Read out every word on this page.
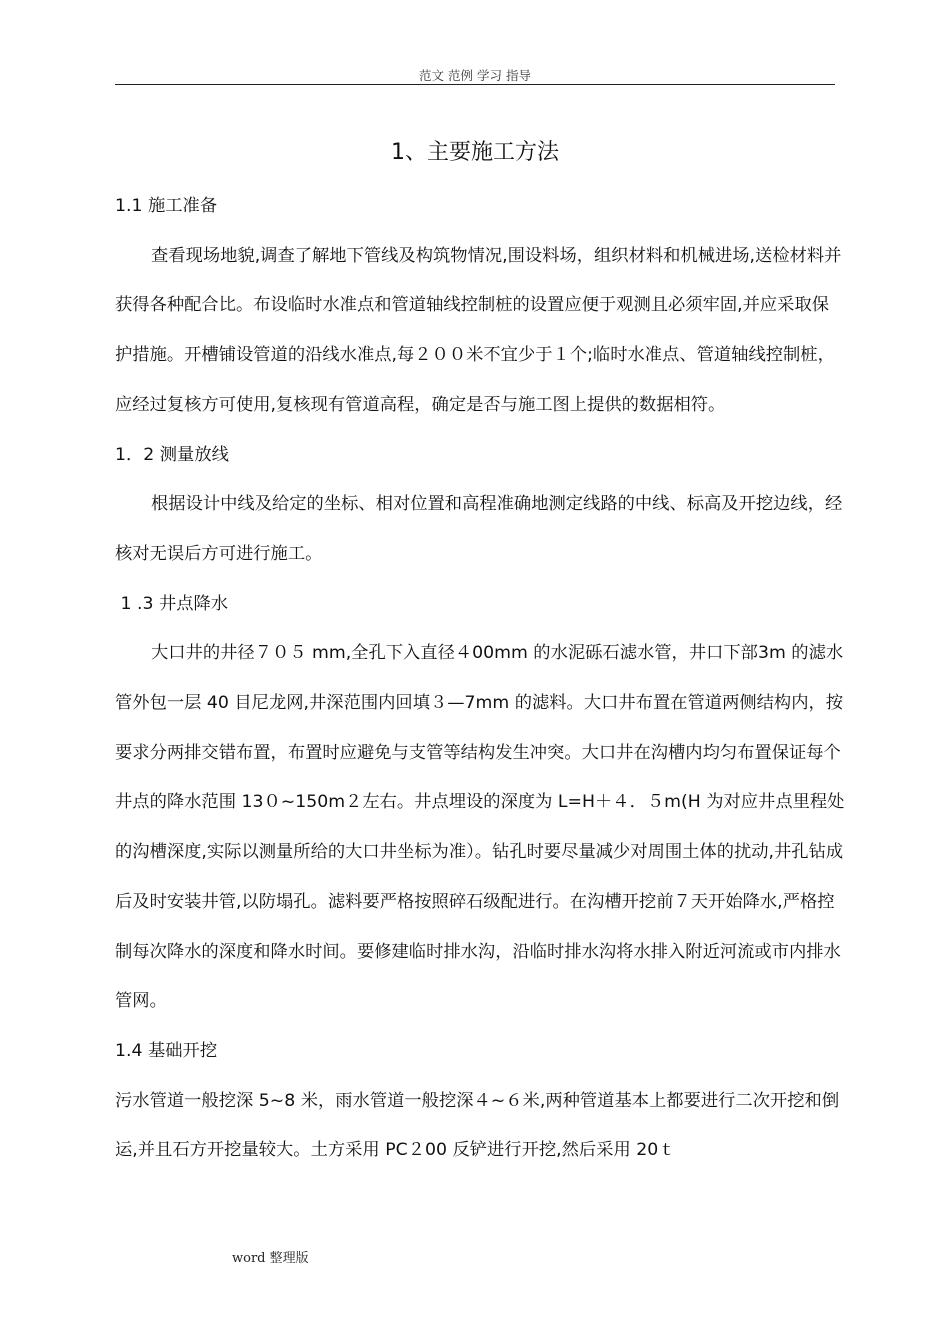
范文 范例 学习 指导
1、主要施工方法

1.1 施工准备

查看现场地貌,调查了解地下管线及构筑物情况,围设料场，组织材料和机械进场,送检材料并获得各种配合比。布设临时水准点和管道轴线控制桩的设置应便于观测且必须牢固,并应采取保护措施。开槽铺设管道的沿线水准点,每２００米不宜少于１个;临时水准点、管道轴线控制桩，应经过复核方可使用,复核现有管道高程，确定是否与施工图上提供的数据相符。

1．2 测量放线

根据设计中线及给定的坐标、相对位置和高程准确地测定线路的中线、标高及开挖边线，经核对无误后方可进行施工。

1 .3 井点降水

大口井的井径７０５ mm,全孔下入直径４00mm 的水泥砾石滤水管，井口下部3m 的滤水管外包一层 40 目尼龙网,井深范围内回填３—7mm 的滤料。大口井布置在管道两侧结构内，按要求分两排交错布置，布置时应避免与支管等结构发生冲突。大口井在沟槽内均匀布置保证每个井点的降水范围 13０~150m２左右。井点埋设的深度为 L=H＋４．５m(H 为对应井点里程处的沟槽深度,实际以测量所给的大口井坐标为准）。钻孔时要尽量减少对周围土体的扰动,井孔钻成后及时安装井管,以防塌孔。滤料要严格按照碎石级配进行。在沟槽开挖前７天开始降水,严格控制每次降水的深度和降水时间。要修建临时排水沟，沿临时排水沟将水排入附近河流或市内排水管网。

1.4 基础开挖

污水管道一般挖深 5~8 米，雨水管道一般挖深４~６米,两种管道基本上都要进行二次开挖和倒运,并且石方开挖量较大。土方采用 PC２00 反铲进行开挖,然后采用 20ｔ

word 整理版
